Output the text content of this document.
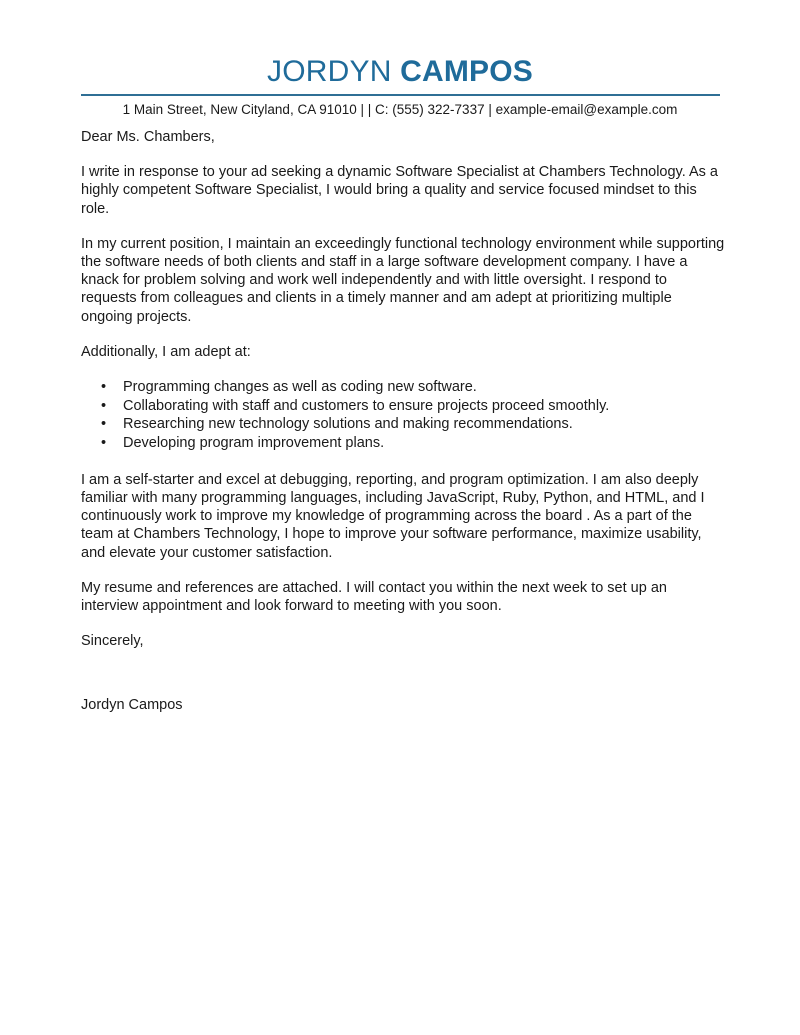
JORDYN CAMPOS
1 Main Street, New Cityland, CA 91010 | | C: (555) 322-7337 | example-email@example.com

Dear Ms. Chambers,

I write in response to your ad seeking a dynamic Software Specialist at Chambers Technology. As a highly competent Software Specialist, I would bring a quality and service focused mindset to this role.

In my current position, I maintain an exceedingly functional technology environment while supporting the software needs of both clients and staff in a large software development company. I have a knack for problem solving and work well independently and with little oversight. I respond to requests from colleagues and clients in a timely manner and am adept at prioritizing multiple ongoing projects.

Additionally, I am adept at:

• Programming changes as well as coding new software.
• Collaborating with staff and customers to ensure projects proceed smoothly.
• Researching new technology solutions and making recommendations.
• Developing program improvement plans.

I am a self-starter and excel at debugging, reporting, and program optimization. I am also deeply familiar with many programming languages, including JavaScript, Ruby, Python, and HTML, and I continuously work to improve my knowledge of programming across the board . As a part of the team at Chambers Technology, I hope to improve your software performance, maximize usability, and elevate your customer satisfaction.

My resume and references are attached. I will contact you within the next week to set up an interview appointment and look forward to meeting with you soon.

Sincerely,

Jordyn Campos
